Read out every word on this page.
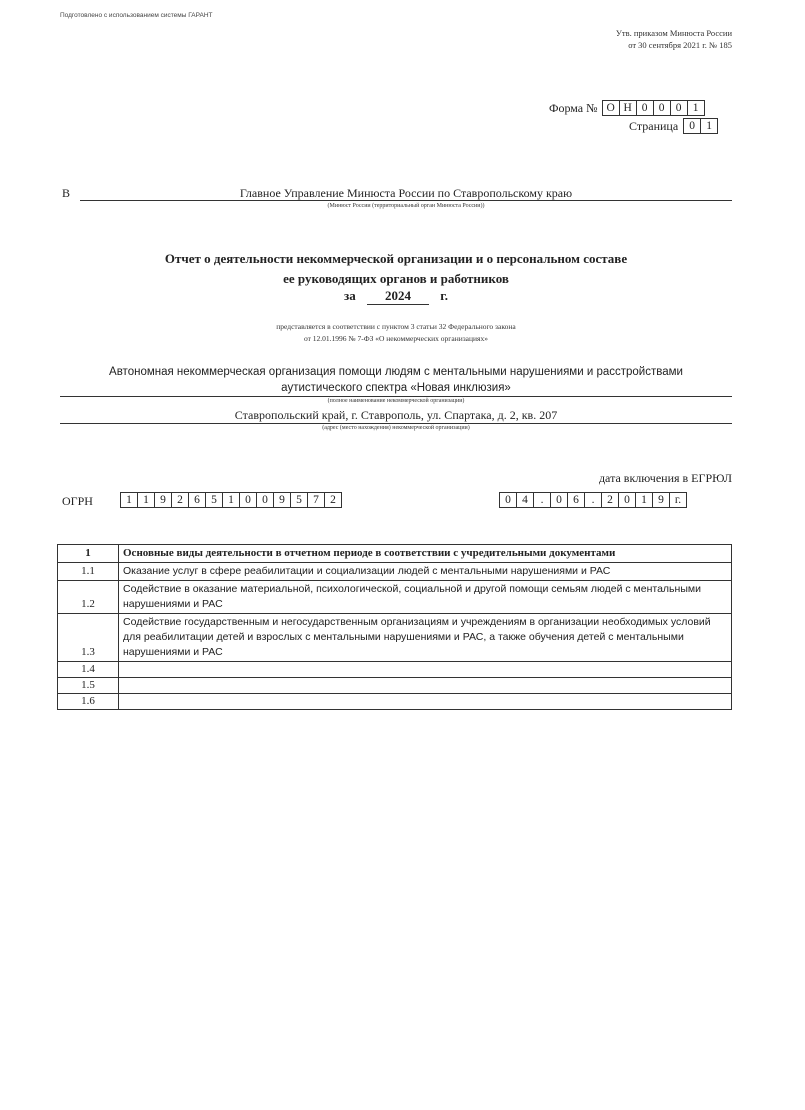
Подготовлено с использованием системы ГАРАНТ
Утв. приказом Минюста России
от 30 сентября 2021 г. № 185
Форма № О Н 0 0 0 1
Страница 0 1
В	Главное Управление Минюста России по Ставропольскому краю
(Минюст России (территориальный орган Минюста России))
Отчет о деятельности некоммерческой организации и о персональном составе
ее руководящих органов и работников
за 2024 г.
представляется в соответствии с пунктом 3 статьи 32 Федерального закона
от 12.01.1996 № 7-ФЗ «О некоммерческих организациях»
Автономная некоммерческая организация помощи людям с ментальными нарушениями и расстройствами
аутистического спектра «Новая инклюзия»
(полное наименование некоммерческой организации)
Ставропольский край, г. Ставрополь, ул. Спартака, д. 2, кв. 207
(адрес (место нахождения) некоммерческой организации)
дата включения в ЕГРЮЛ
ОГРН	1 1 9 2 6 5 1 0 0 9 5 7 2	0 4	.	0 6	.	2 0 1 9 г.
1	Основные виды деятельности в отчетном периоде в соответствии с учредительными документами
1.1	Оказание услуг в сфере реабилитации и социализации людей с ментальными нарушениями и РАС
1.2	Содействие в оказание материальной, психологической, социальной и другой помощи семьям людей с ментальными нарушениями и РАС
1.3	Содействие государственным и негосударственным организациям и учреждениям в организации необходимых условий для реабилитации детей и взрослых с ментальными нарушениями и РАС, а также обучения детей с ментальными нарушениями и РАС
1.4	
1.5	
1.6	
